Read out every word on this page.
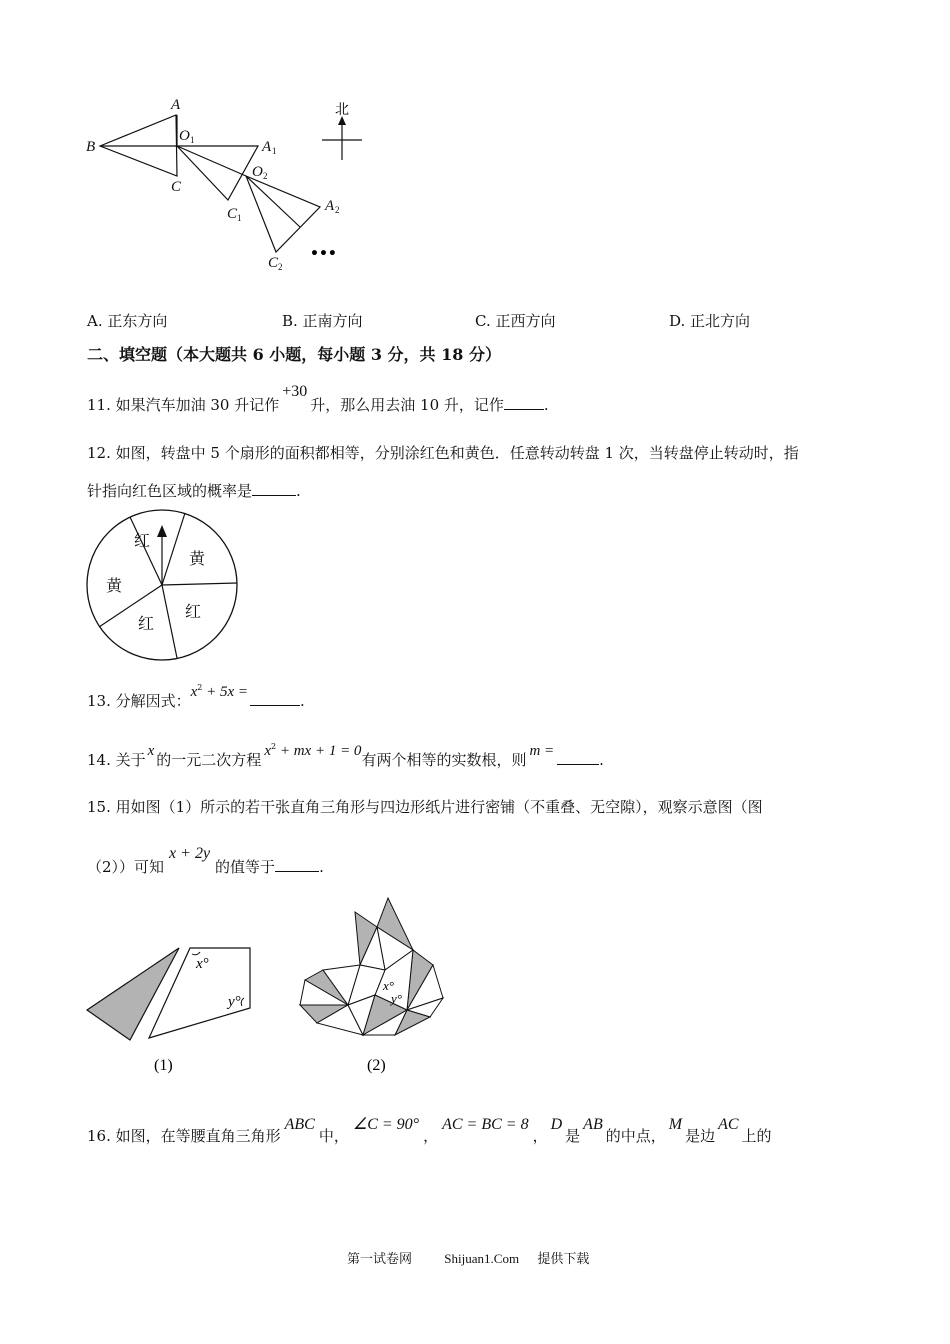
北
A
B
C
O 1	A 1
O 2
C 1
A 2
C 2
•••
A. 正东方向	B. 正南方向	C. 正西方向	D. 正北方向
二、填空题（本大题共 6 小题，每小题 3 分，共 18 分）
11. 如果汽车加油 30 升记作+30升，那么用去油 10 升，记作	.
12. 如图，转盘中 5 个扇形的面积都相等，分别涂红色和黄色．任意转动转盘 1 次，当转盘停止转动时，指
针指向红色区域的概率是	.
红
黄
红
红
黄
13. 分解因式：$x^2 + 5x$ =	.
14. 关于 x 的一元二次方程 $x^2$ + mx + 1 = 0有两个相等的实数根，则 m =	.
15. 用如图（1）所示的若干张直角三角形与四边形纸片进行密铺（不重叠、无空隙），观察示意图（图
（2））可知x + 2y的值等于	.
x°
y°
(1)
x°
y°
(2)
16. 如图，在等腰直角三角形ABC中，∠C = 90°，AC = BC = 8，D是AB的中点，M是边AC上的
第一试卷网 Shijuan1.Com 提供下载
